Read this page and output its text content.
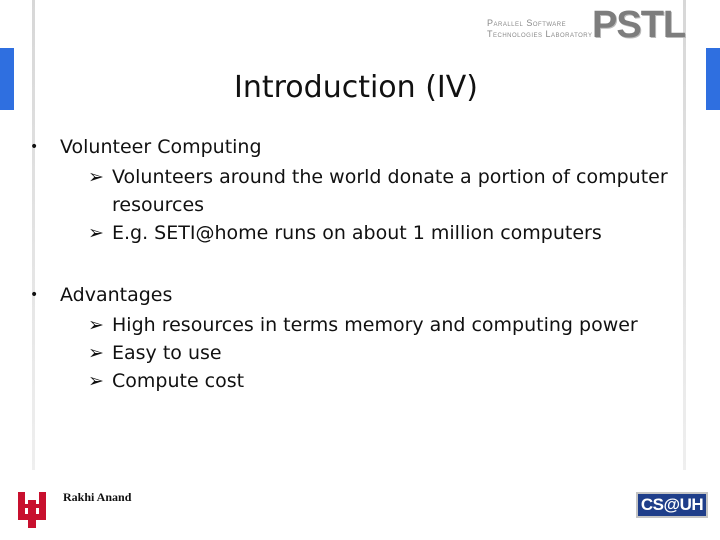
Parallel Software
Technologies Laboratory PSTL
Introduction (IV)
•	Volunteer Computing
➢ Volunteers around the world donate a portion of computer resources
➢ E.g. SETI@home runs on about 1 million computers
•	Advantages
➢ High resources in terms memory and computing power
➢ Easy to use
➢ Compute cost
Rakhi Anand	CS@UH
